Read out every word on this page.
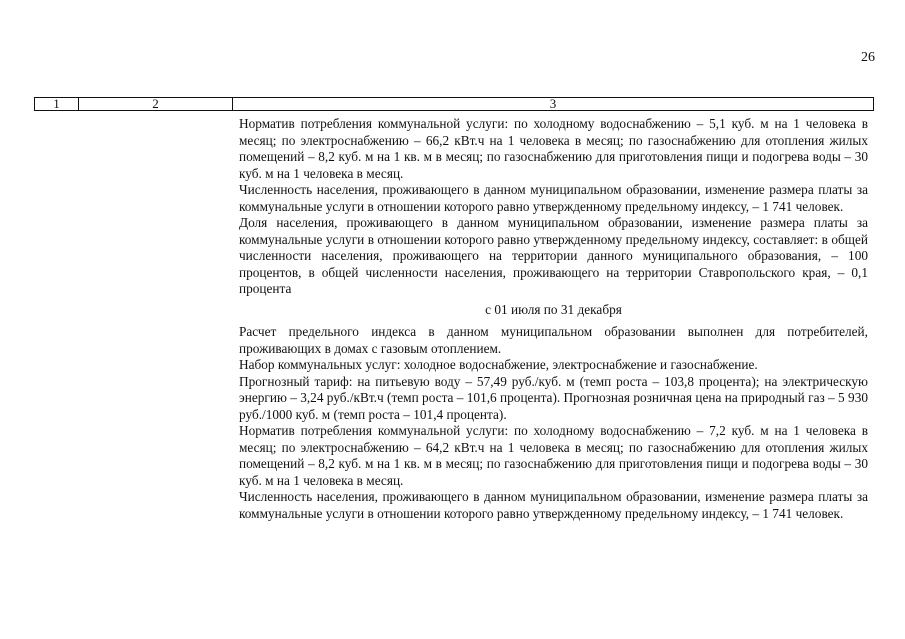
26
1	2	3

Норматив потребления коммунальной услуги: по холодному водоснабжению – 5,1 куб. м на 1 человека в месяц; по электроснабжению – 66,2 кВт.ч на 1 человека в месяц; по газоснабжению для отопления жилых помещений – 8,2 куб. м на 1 кв. м в месяц; по газоснабжению для приготовления пищи и подогрева воды – 30 куб. м на 1 человека в месяц.

Численность населения, проживающего в данном муниципальном образовании, изменение размера платы за коммунальные услуги в отношении которого равно утвержденному предельному индексу, – 1 741 человек.

Доля населения, проживающего в данном муниципальном образовании, изменение размера платы за коммунальные услуги в отношении которого равно утвержденному предельному индексу, составляет: в общей численности населения, проживающего на территории данного муниципального образования, – 100 процентов, в общей численности населения, проживающего на территории Ставропольского края, – 0,1 процента

с 01 июля по 31 декабря

Расчет предельного индекса в данном муниципальном образовании выполнен для потребителей, проживающих в домах с газовым отоплением.

Набор коммунальных услуг: холодное водоснабжение, электроснабжение и газоснабжение.

Прогнозный тариф: на питьевую воду – 57,49 руб./куб. м (темп роста – 103,8 процента); на электрическую энергию – 3,24 руб./кВт.ч (темп роста – 101,6 процента). Прогнозная розничная цена на природный газ – 5 930 руб./1000 куб. м (темп роста – 101,4 процента).

Норматив потребления коммунальной услуги: по холодному водоснабжению – 7,2 куб. м на 1 человека в месяц; по электроснабжению – 64,2 кВт.ч на 1 человека в месяц; по газоснабжению для отопления жилых помещений – 8,2 куб. м на 1 кв. м в месяц; по газоснабжению для приготовления пищи и подогрева воды – 30 куб. м на 1 человека в месяц.

Численность населения, проживающего в данном муниципальном образовании, изменение размера платы за коммунальные услуги в отношении которого равно утвержденному предельному индексу, – 1 741 человек.
